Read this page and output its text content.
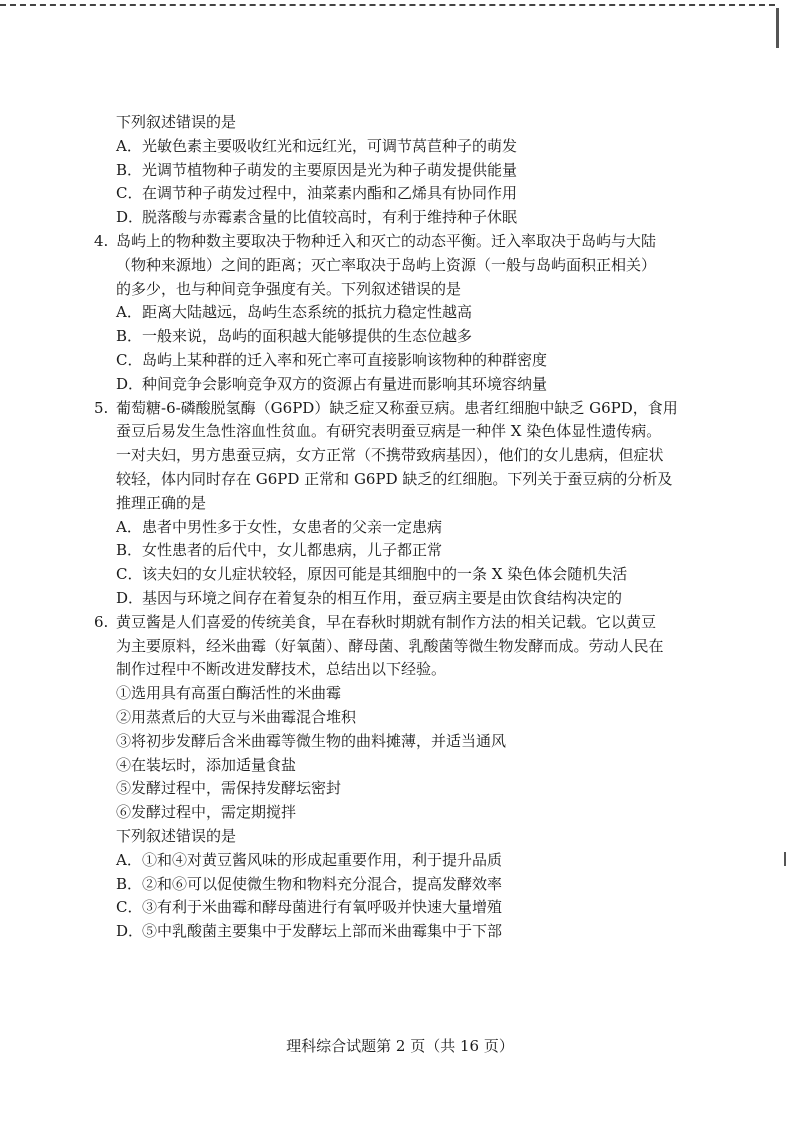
下列叙述错误的是
A．光敏色素主要吸收红光和远红光，可调节莴苣种子的萌发
B．光调节植物种子萌发的主要原因是光为种子萌发提供能量
C．在调节种子萌发过程中，油菜素内酯和乙烯具有协同作用
D．脱落酸与赤霉素含量的比值较高时，有利于维持种子休眠
4. 岛屿上的物种数主要取决于物种迁入和灭亡的动态平衡。迁入率取决于岛屿与大陆
（物种来源地）之间的距离；灭亡率取决于岛屿上资源（一般与岛屿面积正相关）
的多少，也与种间竞争强度有关。下列叙述错误的是
A．距离大陆越远，岛屿生态系统的抵抗力稳定性越高
B．一般来说，岛屿的面积越大能够提供的生态位越多
C．岛屿上某种群的迁入率和死亡率可直接影响该物种的种群密度
D．种间竞争会影响竞争双方的资源占有量进而影响其环境容纳量
5. 葡萄糖-6-磷酸脱氢酶（G6PD）缺乏症又称蚕豆病。患者红细胞中缺乏 G6PD，食用
蚕豆后易发生急性溶血性贫血。有研究表明蚕豆病是一种伴 X 染色体显性遗传病。
一对夫妇，男方患蚕豆病，女方正常（不携带致病基因），他们的女儿患病，但症状
较轻，体内同时存在 G6PD 正常和 G6PD 缺乏的红细胞。下列关于蚕豆病的分析及
推理正确的是
A．患者中男性多于女性，女患者的父亲一定患病
B．女性患者的后代中，女儿都患病，儿子都正常
C．该夫妇的女儿症状较轻，原因可能是其细胞中的一条 X 染色体会随机失活
D．基因与环境之间存在着复杂的相互作用，蚕豆病主要是由饮食结构决定的
6. 黄豆酱是人们喜爱的传统美食，早在春秋时期就有制作方法的相关记载。它以黄豆
为主要原料，经米曲霉（好氧菌）、酵母菌、乳酸菌等微生物发酵而成。劳动人民在
制作过程中不断改进发酵技术，总结出以下经验。
①选用具有高蛋白酶活性的米曲霉
②用蒸煮后的大豆与米曲霉混合堆积
③将初步发酵后含米曲霉等微生物的曲料摊薄，并适当通风
④在装坛时，添加适量食盐
⑤发酵过程中，需保持发酵坛密封
⑥发酵过程中，需定期搅拌
下列叙述错误的是
A．①和④对黄豆酱风味的形成起重要作用，利于提升品质
B．②和⑥可以促使微生物和物料充分混合，提高发酵效率
C．③有利于米曲霉和酵母菌进行有氧呼吸并快速大量增殖
D．⑤中乳酸菌主要集中于发酵坛上部而米曲霉集中于下部
理科综合试题第 2 页（共 16 页）
